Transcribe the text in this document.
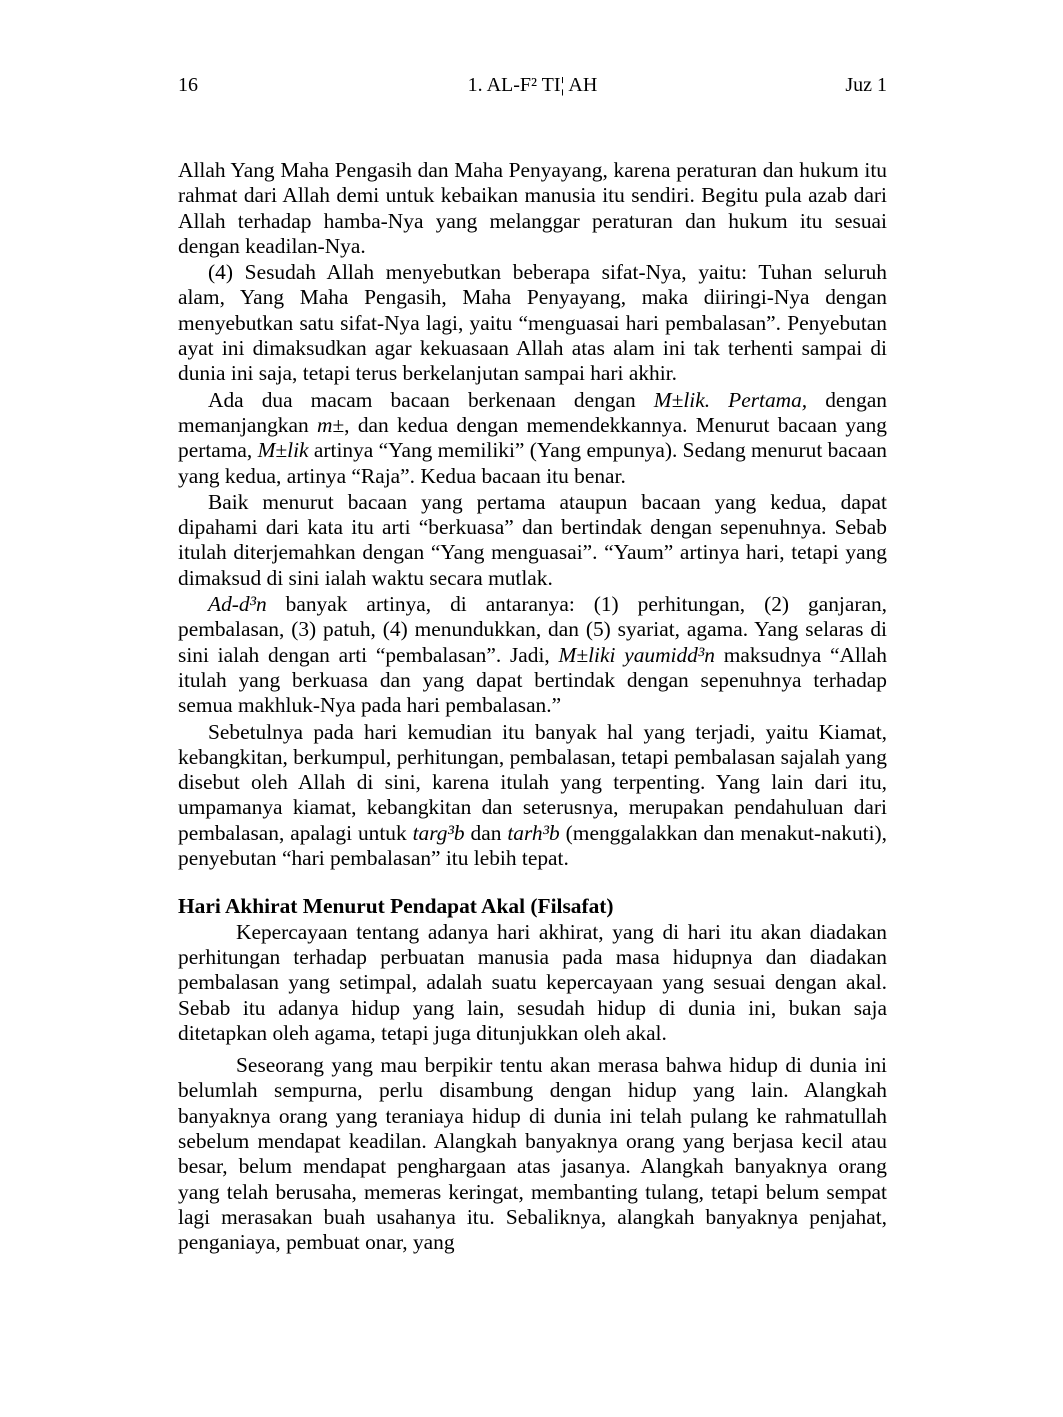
16	1. AL-F² TI¦ AH	Juz 1

Allah Yang Maha Pengasih dan Maha Penyayang, karena peraturan dan hukum itu rahmat dari Allah demi untuk kebaikan manusia itu sendiri. Begitu pula azab dari Allah terhadap hamba-Nya yang melanggar peraturan dan hukum itu sesuai dengan keadilan-Nya.

(4) Sesudah Allah menyebutkan beberapa sifat-Nya, yaitu: Tuhan seluruh alam, Yang Maha Pengasih, Maha Penyayang, maka diiringi-Nya dengan menyebutkan satu sifat-Nya lagi, yaitu “menguasai hari pembalasan”. Penyebutan ayat ini dimaksudkan agar kekuasaan Allah atas alam ini tak terhenti sampai di dunia ini saja, tetapi terus berkelanjutan sampai hari akhir.

Ada dua macam bacaan berkenaan dengan M±lik. Pertama, dengan memanjangkan m±, dan kedua dengan memendekkannya. Menurut bacaan yang pertama, M±lik artinya “Yang memiliki” (Yang empunya). Sedang menurut bacaan yang kedua, artinya “Raja”. Kedua bacaan itu benar.

Baik menurut bacaan yang pertama ataupun bacaan yang kedua, dapat dipahami dari kata itu arti “berkuasa” dan bertindak dengan sepenuhnya. Sebab itulah diterjemahkan dengan “Yang menguasai”. “Yaum” artinya hari, tetapi yang dimaksud di sini ialah waktu secara mutlak.

Ad-d³n banyak artinya, di antaranya: (1) perhitungan, (2) ganjaran, pembalasan, (3) patuh, (4) menundukkan, dan (5) syariat, agama. Yang selaras di sini ialah dengan arti “pembalasan”. Jadi, M±liki yaumidd³n maksudnya “Allah itulah yang berkuasa dan yang dapat bertindak dengan sepenuhnya terhadap semua makhluk-Nya pada hari pembalasan.”

Sebetulnya pada hari kemudian itu banyak hal yang terjadi, yaitu Kiamat, kebangkitan, berkumpul, perhitungan, pembalasan, tetapi pembalasan sajalah yang disebut oleh Allah di sini, karena itulah yang terpenting. Yang lain dari itu, umpamanya kiamat, kebangkitan dan seterusnya, merupakan pendahuluan dari pembalasan, apalagi untuk targ³b dan tarh³b (menggalakkan dan menakut-nakuti), penyebutan “hari pembalasan” itu lebih tepat.

Hari Akhirat Menurut Pendapat Akal (Filsafat)

Kepercayaan tentang adanya hari akhirat, yang di hari itu akan diadakan perhitungan terhadap perbuatan manusia pada masa hidupnya dan diadakan pembalasan yang setimpal, adalah suatu kepercayaan yang sesuai dengan akal. Sebab itu adanya hidup yang lain, sesudah hidup di dunia ini, bukan saja ditetapkan oleh agama, tetapi juga ditunjukkan oleh akal.

Seseorang yang mau berpikir tentu akan merasa bahwa hidup di dunia ini belumlah sempurna, perlu disambung dengan hidup yang lain. Alangkah banyaknya orang yang teraniaya hidup di dunia ini telah pulang ke rahmatullah sebelum mendapat keadilan. Alangkah banyaknya orang yang berjasa kecil atau besar, belum mendapat penghargaan atas jasanya. Alangkah banyaknya orang yang telah berusaha, memeras keringat, membanting tulang, tetapi belum sempat lagi merasakan buah usahanya itu. Sebaliknya, alangkah banyaknya penjahat, penganiaya, pembuat onar, yang
